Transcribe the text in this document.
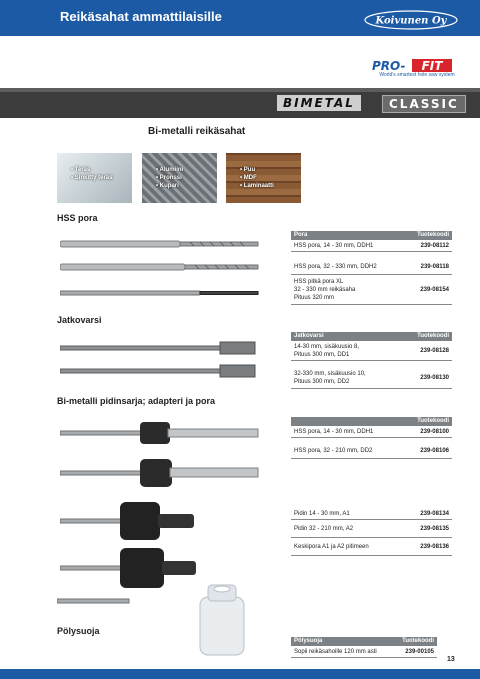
Reikäsahat ammattilaisille	Koivunen Oy
PRO- FIT
World's smartest hole saw system
BIMETAL	CLASSIC
Bi-metalli reikäsahat
• Teräs
• Sinkitty teräs
• Alumiini
• Pronssi
• Kupari
• Puu
• MDF
• Laminaatti
HSS pora
Jatkovarsi
Bi-metalli pidinsarja; adapteri ja pora
Pölysuoja
Pora	Tuotekoodi
HSS pora, 14 - 30 mm, DDH1	239-08112
HSS pora, 32 - 330 mm, DDH2	239-08118
HSS pitkä pora XL
32 - 330 mm reikäsaha
Pituus 320 mm
239-08154
Jatkovarsi	Tuotekoodi
14-30 mm, sisäkuusio 8,
Pituus 300 mm, DD1
239-08128
32-330 mm, sisäkuusio 10,
Pituus 300 mm, DD2
239-08130
Tuotekoodi
HSS pora, 14 - 30 mm, DDH1	239-08100
HSS pora, 32 - 210 mm, DD2	239-08106
Pidin 14 - 30 mm, A1	239-08134
Pidin 32 - 210 mm, A2	239-08135
Keskipora A1 ja A2 pitimeen	239-08136
Pölysuoja	Tuotekoodi
Sopii reikäsahoille 120 mm asti	239-00105
13
